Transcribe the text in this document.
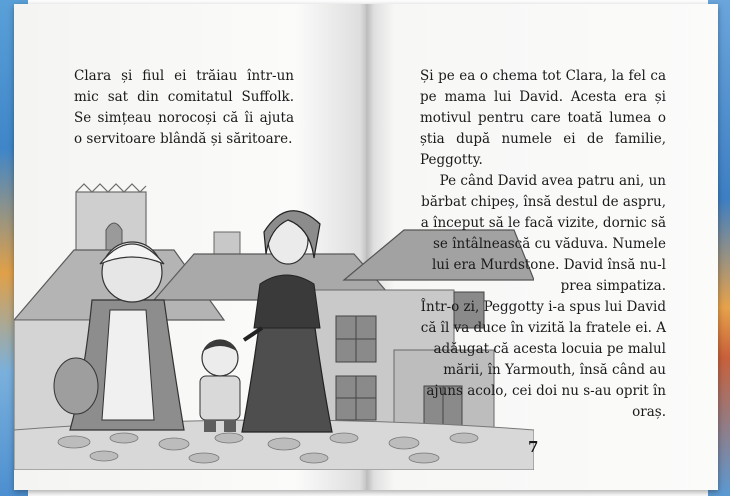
Clara și fiul ei trăiau într-un mic sat din comitatul Suffolk. Se simțeau norocoși că îi ajuta o servitoare blândă și săritoare.

Și pe ea o chema tot Clara, la fel ca pe mama lui David. Acesta era și motivul pentru care toată lumea o știa după numele ei de familie, Peggotty.

Pe când David avea patru ani, un bărbat chipeș, însă destul de aspru, a început să le facă vizite, dornic să se întâlnească cu văduva. Numele lui era Murdstone. David însă nu-l prea simpatiza.

Într-o zi, Peggotty i-a spus lui David că îl va duce în vizită la fratele ei. A adăugat că acesta locuia pe malul mării, în Yarmouth, însă când au ajuns acolo, cei doi nu s-au oprit în oraș.

7
